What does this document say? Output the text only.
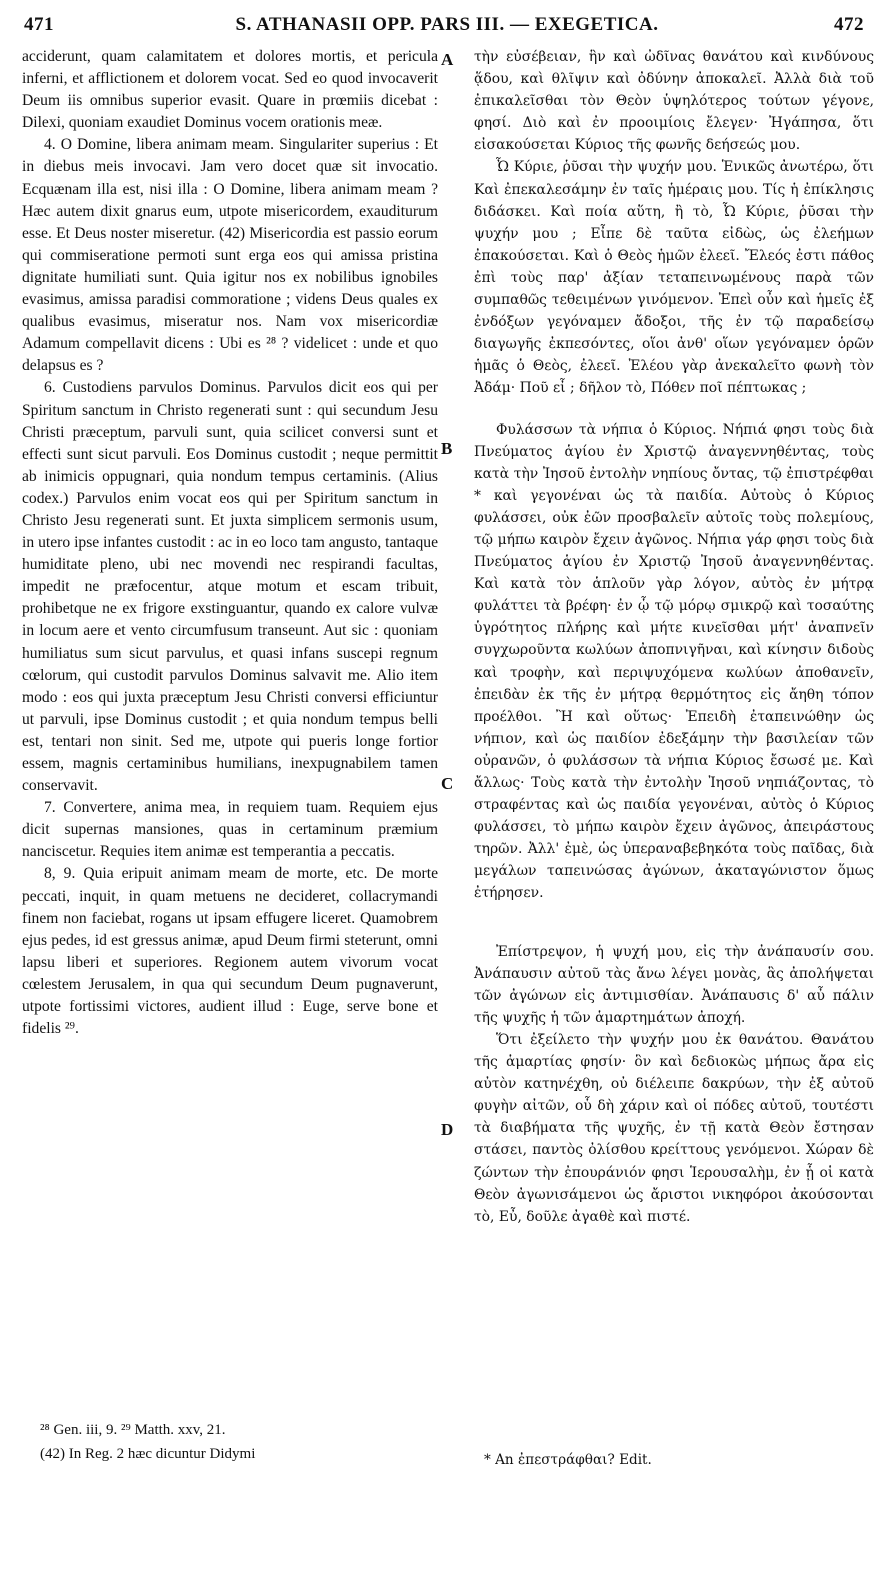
471	S. ATHANASII OPP. PARS III. — EXEGETICA.	472
A
B
C
D

acciderunt, quam calamitatem et dolores mortis, et pericula inferni, et afflictionem et dolorem vocat. Sed eo quod invocaverit Deum iis omnibus superior evasit. Quare in prœmiis dicebat : Dilexi, quoniam exaudiet Dominus vocem orationis meæ.

4. O Domine, libera animam meam. Singulariter superius : Et in diebus meis invocavi. Jam vero docet quæ sit invocatio. Ecquænam illa est, nisi illa : O Domine, libera animam meam ? Hæc autem dixit gnarus eum, utpote misericordem, exauditurum esse. Et Deus noster miseretur. (42) Misericordia est passio eorum qui commiseratione permoti sunt erga eos qui amissa pristina dignitate humiliati sunt. Quia igitur nos ex nobilibus ignobiles evasimus, amissa paradisi commoratione ; videns Deus quales ex qualibus evasimus, miseratur nos. Nam vox misericordiæ Adamum compellavit dicens : Ubi es ²⁸ ? videlicet : unde et quo delapsus es ?

6. Custodiens parvulos Dominus. Parvulos dicit eos qui per Spiritum sanctum in Christo regenerati sunt : qui secundum Jesu Christi præceptum, parvuli sunt, quia scilicet conversi sunt et effecti sunt sicut parvuli. Eos Dominus custodit ; neque permittit ab inimicis oppugnari, quia nondum tempus certaminis. (Alius codex.) Parvulos enim vocat eos qui per Spiritum sanctum in Christo Jesu regenerati sunt. Et juxta simplicem sermonis usum, in utero ipse infantes custodit : ac in eo loco tam angusto, tantaque humiditate pleno, ubi nec movendi nec respirandi facultas, impedit ne præfocentur, atque motum et escam tribuit, prohibetque ne ex frigore exstinguantur, quando ex calore vulvæ in locum aere et vento circumfusum transeunt. Aut sic : quoniam humiliatus sum sicut parvulus, et quasi infans suscepi regnum cœlorum, qui custodit parvulos Dominus salvavit me. Alio item modo : eos qui juxta præceptum Jesu Christi conversi efficiuntur ut parvuli, ipse Dominus custodit ; et quia nondum tempus belli est, tentari non sinit. Sed me, utpote qui pueris longe fortior essem, magnis certaminibus humilians, inexpugnabilem tamen conservavit.

7. Convertere, anima mea, in requiem tuam. Requiem ejus dicit supernas mansiones, quas in certaminum præmium nanciscetur. Requies item animæ est temperantia a peccatis.

8, 9. Quia eripuit animam meam de morte, etc. De morte peccati, inquit, in quam metuens ne decideret, collacrymandi finem non faciebat, rogans ut ipsam effugere liceret. Quamobrem ejus pedes, id est gressus animæ, apud Deum firmi steterunt, omni lapsu liberi et superiores. Regionem autem vivorum vocat cœlestem Jerusalem, in qua qui secundum Deum pugnaverunt, utpote fortissimi victores, audient illud : Euge, serve bone et fidelis ²⁹.

τὴν εὐσέβειαν, ἣν καὶ ὠδῖνας θανάτου καὶ κινδύνους ᾅδου, καὶ θλῖψιν καὶ ὀδύνην ἀποκαλεῖ. Ἀλλὰ διὰ τοῦ ἐπικαλεῖσθαι τὸν Θεὸν ὑψηλότερος τούτων γέγονε, φησί. Διὸ καὶ ἐν προοιμίοις ἔλεγεν· Ἠγάπησα, ὅτι εἰσακούσεται Κύριος τῆς φωνῆς δεήσεώς μου.

Ὦ Κύριε, ῥῦσαι τὴν ψυχήν μου. Ἑνικῶς ἀνωτέρω, ὅτι Καὶ ἐπεκαλεσάμην ἐν ταῖς ἡμέραις μου. Τίς ἡ ἐπίκλησις διδάσκει. Καὶ ποία αὕτη, ἢ τὸ, Ὦ Κύριε, ῥῦσαι τὴν ψυχήν μου ; Εἶπε δὲ ταῦτα εἰδὼς, ὡς ἐλεήμων ἐπακούσεται. Καὶ ὁ Θεὸς ἡμῶν ἐλεεῖ. Ἔλεός ἐστι πάθος ἐπὶ τοὺς παρ' ἀξίαν τεταπεινωμένους παρὰ τῶν συμπαθῶς τεθειμένων γινόμενον. Ἐπεὶ οὖν καὶ ἡμεῖς ἐξ ἐνδόξων γεγόναμεν ἄδοξοι, τῆς ἐν τῷ παραδείσῳ διαγωγῆς ἐκπεσόντες, οἵοι ἀνθ' οἵων γεγόναμεν ὁρῶν ἡμᾶς ὁ Θεὸς, ἐλεεῖ. Ἐλέου γὰρ ἀνεκαλεῖτο φωνὴ τὸν Ἀδάμ· Ποῦ εἶ ; δῆλον τὸ, Πόθεν ποῖ πέπτωκας ;

Φυλάσσων τὰ νήπια ὁ Κύριος. Νήπιά φησι τοὺς διὰ Πνεύματος ἁγίου ἐν Χριστῷ ἀναγεννηθέντας, τοὺς κατὰ τὴν Ἰησοῦ ἐντολὴν νηπίους ὄντας, τῷ ἐπιστρέφθαι * καὶ γεγονέναι ὡς τὰ παιδία. Αὐτοὺς ὁ Κύριος φυλάσσει, οὐκ ἐῶν προσβαλεῖν αὐτοῖς τοὺς πολεμίους, τῷ μήπω καιρὸν ἔχειν ἀγῶνος. Νήπια γάρ φησι τοὺς διὰ Πνεύματος ἁγίου ἐν Χριστῷ Ἰησοῦ ἀναγεννηθέντας. Καὶ κατὰ τὸν ἁπλοῦν γὰρ λόγον, αὐτὸς ἐν μήτρᾳ φυλάττει τὰ βρέφη· ἐν ᾧ τῷ μόρῳ σμικρῷ καὶ τοσαύτης ὑγρότητος πλήρης καὶ μήτε κινεῖσθαι μήτ' ἀναπνεῖν συγχωροῦντα κωλύων ἀποπνιγῆναι, καὶ κίνησιν διδοὺς καὶ τροφὴν, καὶ περιψυχόμενα κωλύων ἀποθανεῖν, ἐπειδὰν ἐκ τῆς ἐν μήτρᾳ θερμότητος εἰς ἄηθη τόπον προέλθοι. Ἢ καὶ οὕτως· Ἐπειδὴ ἐταπεινώθην ὡς νήπιον, καὶ ὡς παιδίον ἐδεξάμην τὴν βασιλείαν τῶν οὐρανῶν, ὁ φυλάσσων τὰ νήπια Κύριος ἔσωσέ με. Καὶ ἄλλως· Τοὺς κατὰ τὴν ἐντολὴν Ἰησοῦ νηπιάζοντας, τὸ στραφέντας καὶ ὡς παιδία γεγονέναι, αὐτὸς ὁ Κύριος φυλάσσει, τὸ μήπω καιρὸν ἔχειν ἀγῶνος, ἀπειράστους τηρῶν. Ἀλλ' ἐμὲ, ὡς ὑπεραναβεβηκότα τοὺς παῖδας, διὰ μεγάλων ταπεινώσας ἀγώνων, ἀκαταγώνιστον ὅμως ἐτήρησεν.

Ἐπίστρεψον, ἡ ψυχή μου, εἰς τὴν ἀνάπαυσίν σου. Ἀνάπαυσιν αὐτοῦ τὰς ἄνω λέγει μονὰς, ἃς ἀπολήψεται τῶν ἀγώνων εἰς ἀντιμισθίαν. Ἀνάπαυσις δ' αὖ πάλιν τῆς ψυχῆς ἡ τῶν ἁμαρτημάτων ἀποχή.

Ὅτι ἐξείλετο τὴν ψυχήν μου ἐκ θανάτου. Θανάτου τῆς ἁμαρτίας φησίν· ὃν καὶ δεδιοκὼς μήπως ἄρα εἰς αὐτὸν κατηνέχθη, οὐ διέλειπε δακρύων, τὴν ἐξ αὐτοῦ φυγὴν αἰτῶν, οὗ δὴ χάριν καὶ οἱ πόδες αὐτοῦ, τουτέστι τὰ διαβήματα τῆς ψυχῆς, ἐν τῇ κατὰ Θεὸν ἔστησαν στάσει, παντὸς ὀλίσθου κρείττους γενόμενοι. Χώραν δὲ ζώντων τὴν ἐπουράνιόν φησι Ἱερουσαλὴμ, ἐν ᾗ οἱ κατὰ Θεὸν ἀγωνισάμενοι ὡς ἄριστοι νικηφόροι ἀκούσονται τὸ, Εὖ, δοῦλε ἀγαθὲ καὶ πιστέ.

²⁸ Gen. iii, 9. ²⁹ Matth. xxv, 21.
(42) In Reg. 2 hæc dicuntur Didymi	* Αn ἐπεστράφθαι? Edit.
